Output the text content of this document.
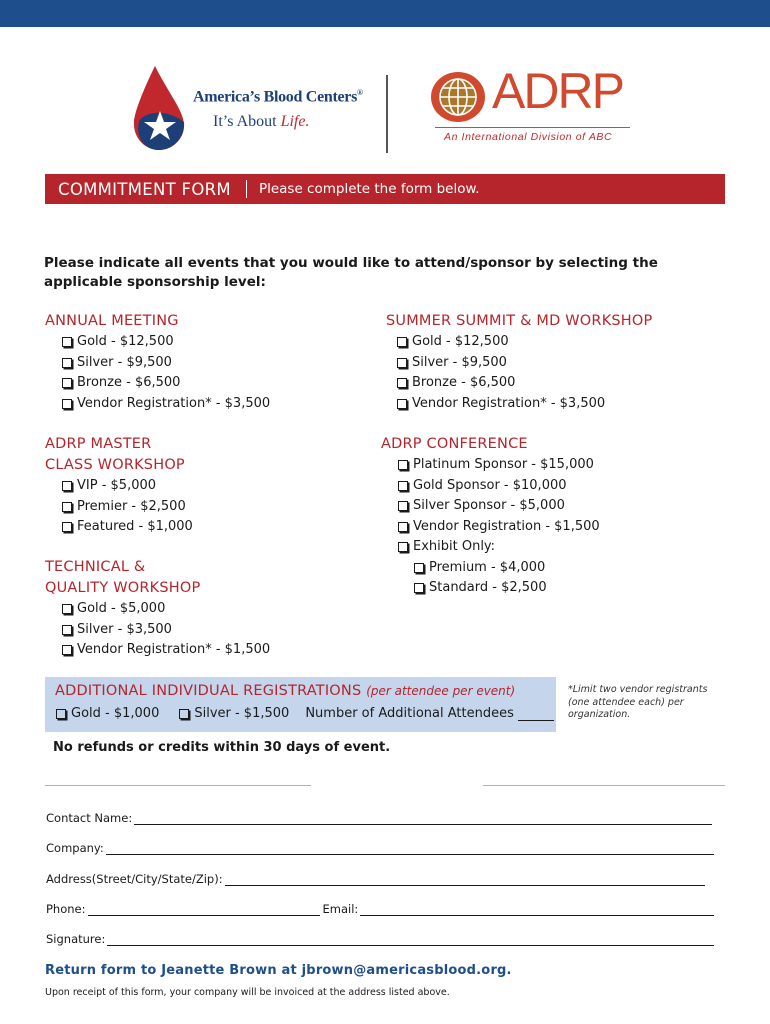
America’s Blood Centers®
It’s About Life.
ADRP
An International Division of ABC
COMMITMENT FORM Please complete the form below.
Please indicate all events that you would like to attend/sponsor by selecting the applicable sponsorship level:
ANNUAL MEETING
Gold - $12,500
Silver - $9,500
Bronze - $6,500
Vendor Registration* - $3,500
ADRP MASTER
CLASS WORKSHOP
VIP - $5,000
Premier - $2,500
Featured - $1,000
TECHNICAL &
QUALITY WORKSHOP
Gold - $5,000
Silver - $3,500
Vendor Registration* - $1,500
SUMMER SUMMIT & MD WORKSHOP
Gold - $12,500
Silver - $9,500
Bronze - $6,500
Vendor Registration* - $3,500
ADRP CONFERENCE
Platinum Sponsor - $15,000
Gold Sponsor - $10,000
Silver Sponsor - $5,000
Vendor Registration - $1,500
Exhibit Only:
Premium - $4,000
Standard - $2,500
ADDITIONAL INDIVIDUAL REGISTRATIONS (per attendee per event)
Gold - $1,000	Silver - $1,500 Number of Additional Attendees
*Limit two vendor registrants (one attendee each) per organization.
No refunds or credits within 30 days of event.
Contact Name:
Company:
Address(Street/City/State/Zip):
Phone:	Email:
Signature:
Return form to Jeanette Brown at jbrown@americasblood.org.
Upon receipt of this form, your company will be invoiced at the address listed above.
